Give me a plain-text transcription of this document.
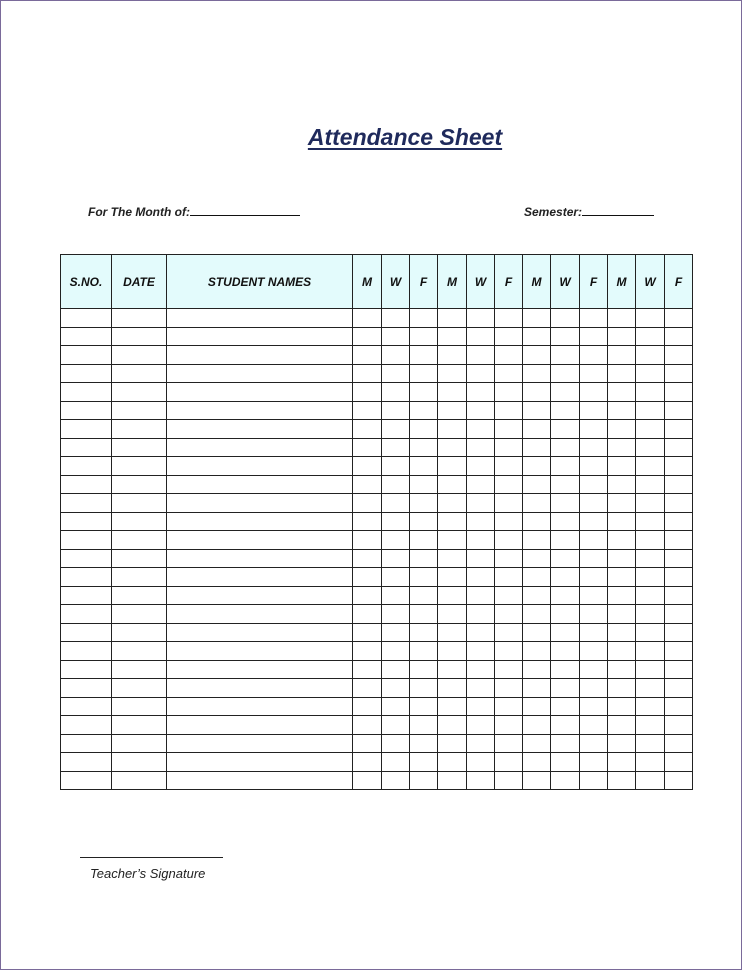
Attendance Sheet
For The Month of:	Semester:
S.NO.	DATE	STUDENT NAMES	M	W	F	M	W	F	M	W	F	M	W	F

Teacher’s Signature
